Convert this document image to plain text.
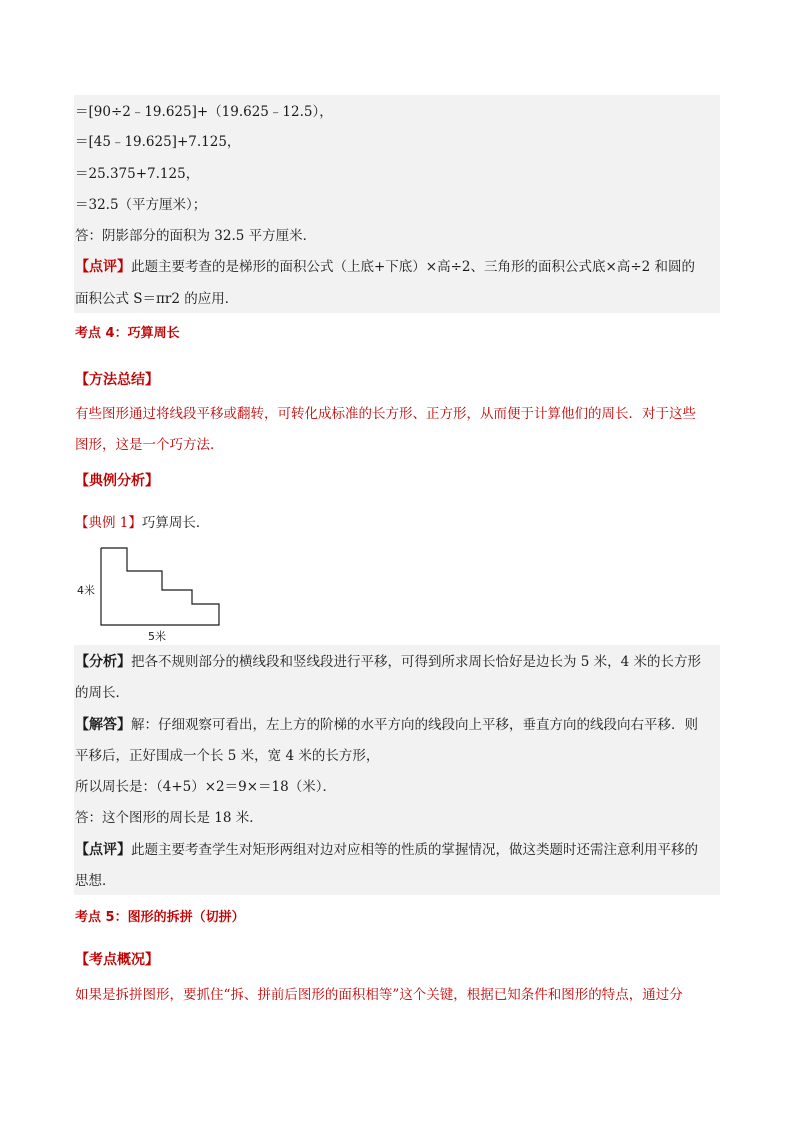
＝[90÷2﹣19.625]+（19.625﹣12.5），
＝[45﹣19.625]+7.125，
＝25.375+7.125，
＝32.5（平方厘米）；
答：阴影部分的面积为 32.5 平方厘米．
【点评】此题主要考查的是梯形的面积公式（上底+下底）×高÷2、三角形的面积公式底×高÷2 和圆的
面积公式 S＝πr2 的应用．
考点 4：巧算周长
【方法总结】
有些图形通过将线段平移或翻转，可转化成标准的长方形、正方形，从而便于计算他们的周长．对于这些
图形，这是一个巧方法．
【典例分析】
【典例 1】巧算周长．
4米
5米
【分析】把各不规则部分的横线段和竖线段进行平移，可得到所求周长恰好是边长为 5 米，4 米的长方形
的周长．
【解答】解：仔细观察可看出，左上方的阶梯的水平方向的线段向上平移，垂直方向的线段向右平移．则
平移后，正好围成一个长 5 米，宽 4 米的长方形，
所以周长是：（4+5）×2＝9×＝18（米）．
答：这个图形的周长是 18 米．
【点评】此题主要考查学生对矩形两组对边对应相等的性质的掌握情况，做这类题时还需注意利用平移的
思想．
考点 5：图形的拆拼（切拼）
【考点概况】
如果是拆拼图形，要抓住“拆、拼前后图形的面积相等”这个关键，根据已知条件和图形的特点，通过分
